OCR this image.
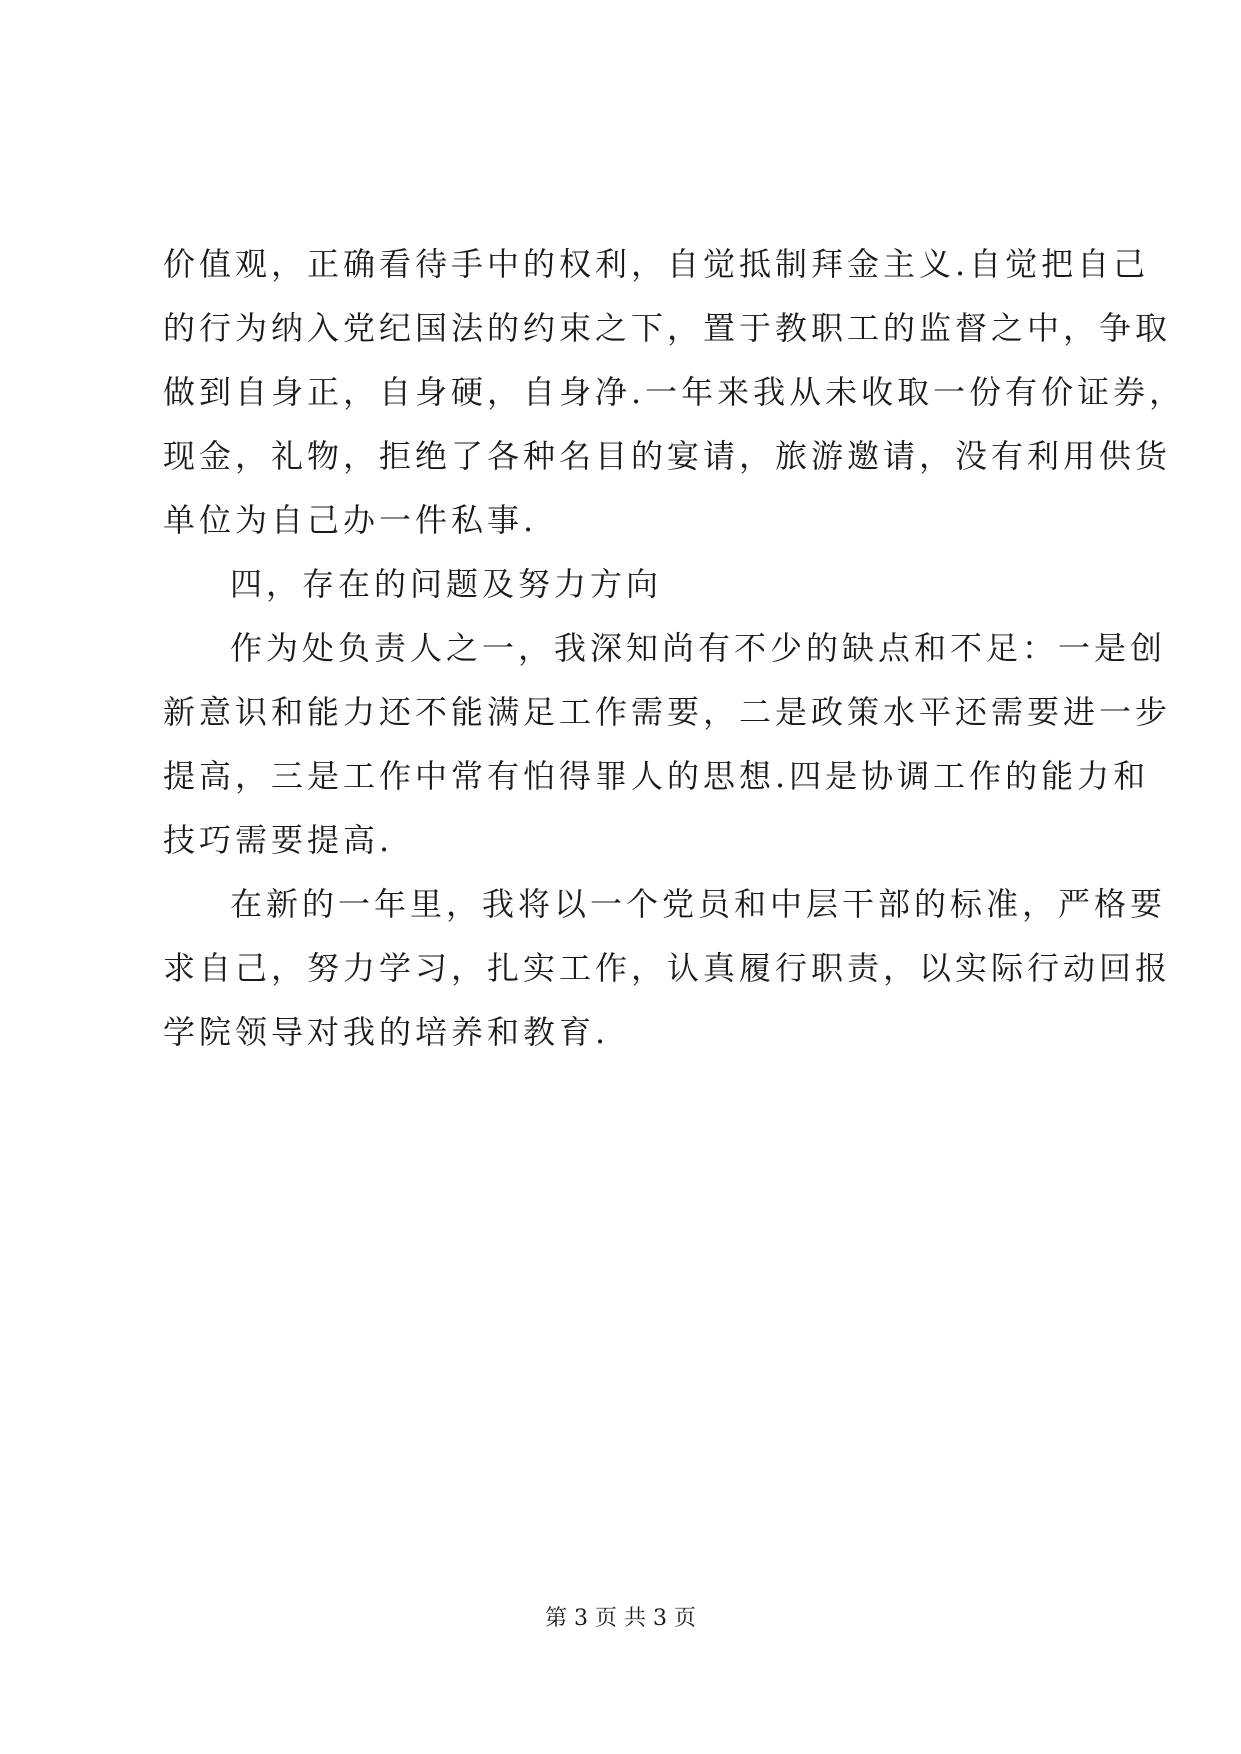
价值观，正确看待手中的权利，自觉抵制拜金主义.自觉把自己
的行为纳入党纪国法的约束之下，置于教职工的监督之中，争取
做到自身正，自身硬，自身净.一年来我从未收取一份有价证券，
现金，礼物，拒绝了各种名目的宴请，旅游邀请，没有利用供货
单位为自己办一件私事.
四，存在的问题及努力方向
作为处负责人之一，我深知尚有不少的缺点和不足：一是创
新意识和能力还不能满足工作需要，二是政策水平还需要进一步
提高，三是工作中常有怕得罪人的思想.四是协调工作的能力和
技巧需要提高.
在新的一年里，我将以一个党员和中层干部的标准，严格要
求自己，努力学习，扎实工作，认真履行职责，以实际行动回报
学院领导对我的培养和教育.
第 3 页 共 3 页
